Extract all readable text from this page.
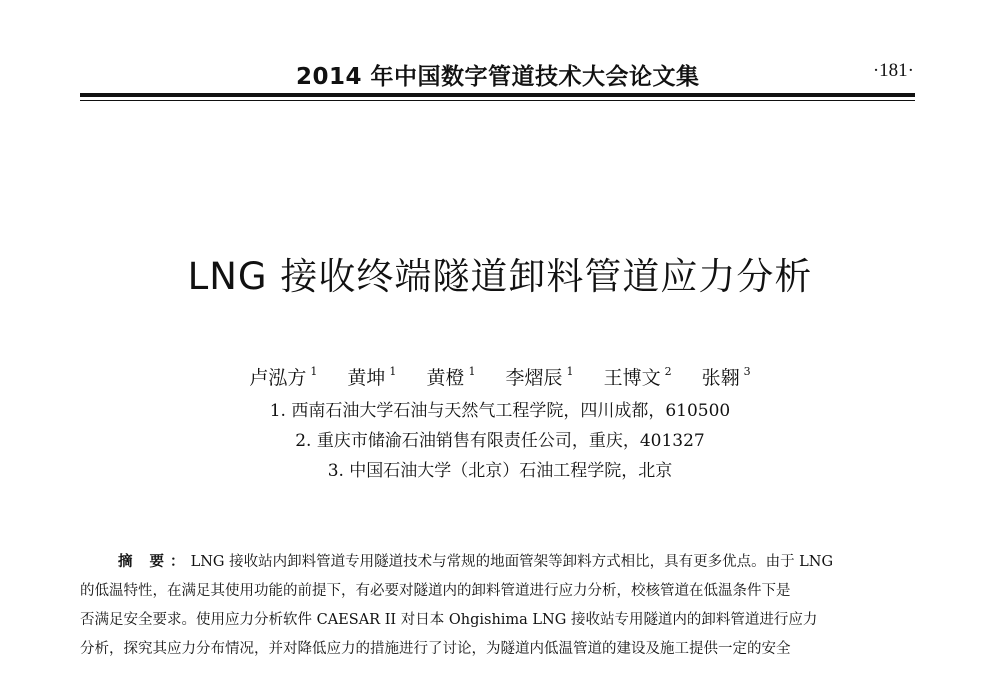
2014 年中国数字管道技术大会论文集	·181·
LNG 接收终端隧道卸料管道应力分析
卢泓方 $^1$ 黄坤 $^1$ 黄橙 $^1$ 李熠辰 $^1$ 王博文 $^2$ 张翱 $^3$
1. 西南石油大学石油与天然气工程学院，四川成都，610500
2. 重庆市储渝石油销售有限责任公司，重庆，401327
3. 中国石油大学（北京）石油工程学院，北京
摘 要：LNG 接收站内卸料管道专用隧道技术与常规的地面管架等卸料方式相比，具有更多优点。由于 LNG
的低温特性，在满足其使用功能的前提下，有必要对隧道内的卸料管道进行应力分析，校核管道在低温条件下是
否满足安全要求。使用应力分析软件 CAESAR II 对日本 Ohgishima LNG 接收站专用隧道内的卸料管道进行应力
分析，探究其应力分布情况，并对降低应力的措施进行了讨论，为隧道内低温管道的建设及施工提供一定的安全
